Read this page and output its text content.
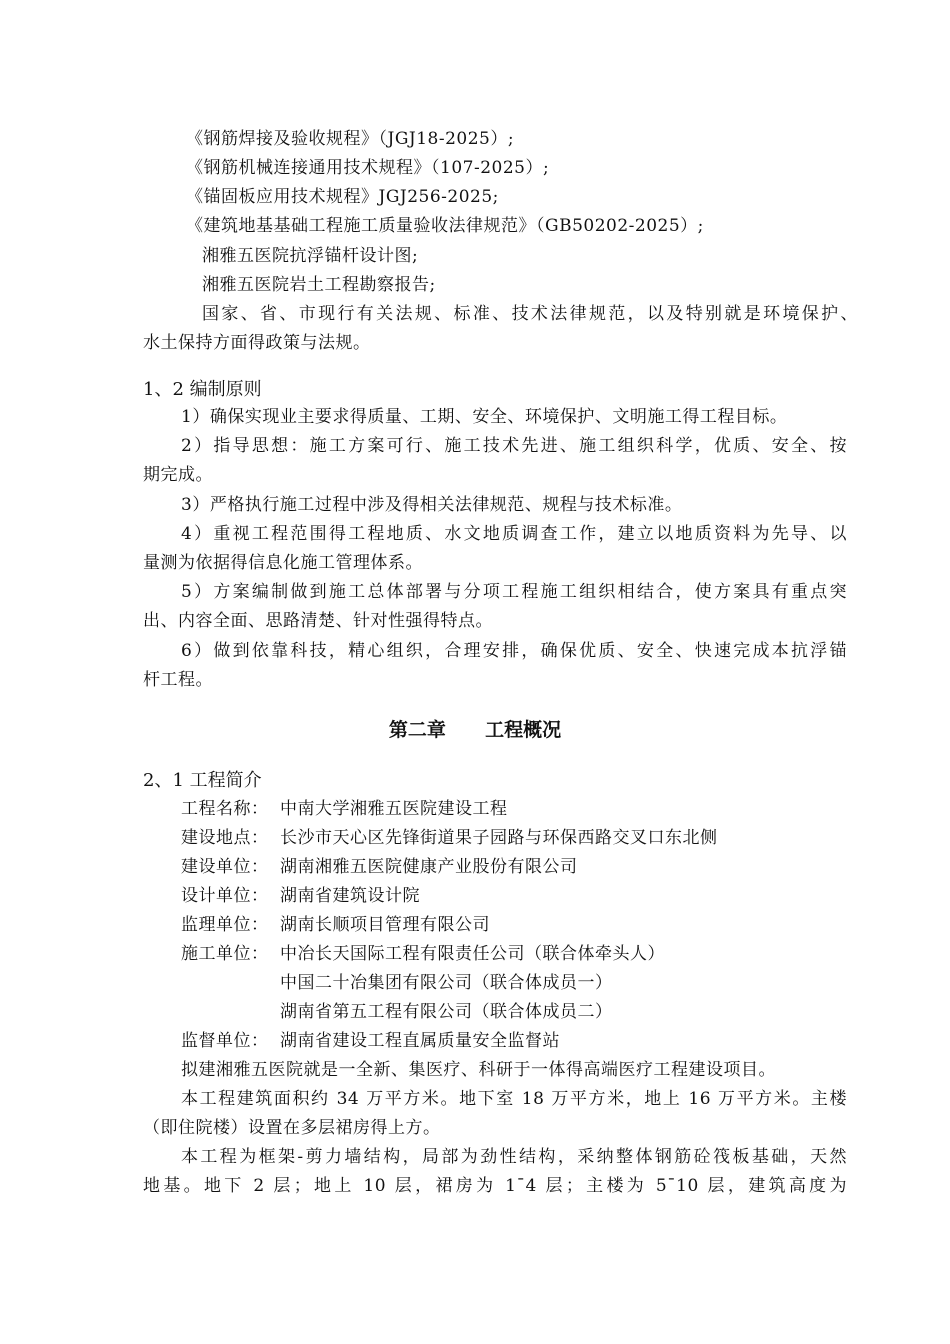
《钢筋焊接及验收规程》（JGJ18-2025）;
《钢筋机械连接通用技术规程》（107-2025）;
《锚固板应用技术规程》JGJ256-2025;
《建筑地基基础工程施工质量验收法律规范》（GB50202-2025）;
湘雅五医院抗浮锚杆设计图;
湘雅五医院岩土工程勘察报告;
国家、省、市现行有关法规、标准、技术法律规范，以及特别就是环境保护、
水土保持方面得政策与法规。
1、2 编制原则
1）确保实现业主要求得质量、工期、安全、环境保护、文明施工得工程目标。
2）指导思想：施工方案可行、施工技术先进、施工组织科学，优质、安全、按
期完成。
3）严格执行施工过程中涉及得相关法律规范、规程与技术标准。
4）重视工程范围得工程地质、水文地质调查工作，建立以地质资料为先导、以
量测为依据得信息化施工管理体系。
5）方案编制做到施工总体部署与分项工程施工组织相结合，使方案具有重点突
出、内容全面、思路清楚、针对性强得特点。
6）做到依靠科技，精心组织，合理安排，确保优质、安全、快速完成本抗浮锚
杆工程。
第二章 工程概况
2、1 工程简介
工程名称： 中南大学湘雅五医院建设工程
建设地点： 长沙市天心区先锋街道果子园路与环保西路交叉口东北侧
建设单位： 湖南湘雅五医院健康产业股份有限公司
设计单位： 湖南省建筑设计院
监理单位： 湖南长顺项目管理有限公司
施工单位： 中冶长天国际工程有限责任公司（联合体牵头人）
中国二十冶集团有限公司（联合体成员一）
湖南省第五工程有限公司（联合体成员二）
监督单位： 湖南省建设工程直属质量安全监督站
拟建湘雅五医院就是一全新、集医疗、科研于一体得高端医疗工程建设项目。
本工程建筑面积约 34 万平方米。地下室 18 万平方米，地上 16 万平方米。主楼
（即住院楼）设置在多层裙房得上方。
本工程为框架-剪力墙结构，局部为劲性结构，采纳整体钢筋砼筏板基础，天然
地基。地下 2 层；地上 10 层，裙房为 1¯4 层；主楼为 5¯10 层，建筑高度为
